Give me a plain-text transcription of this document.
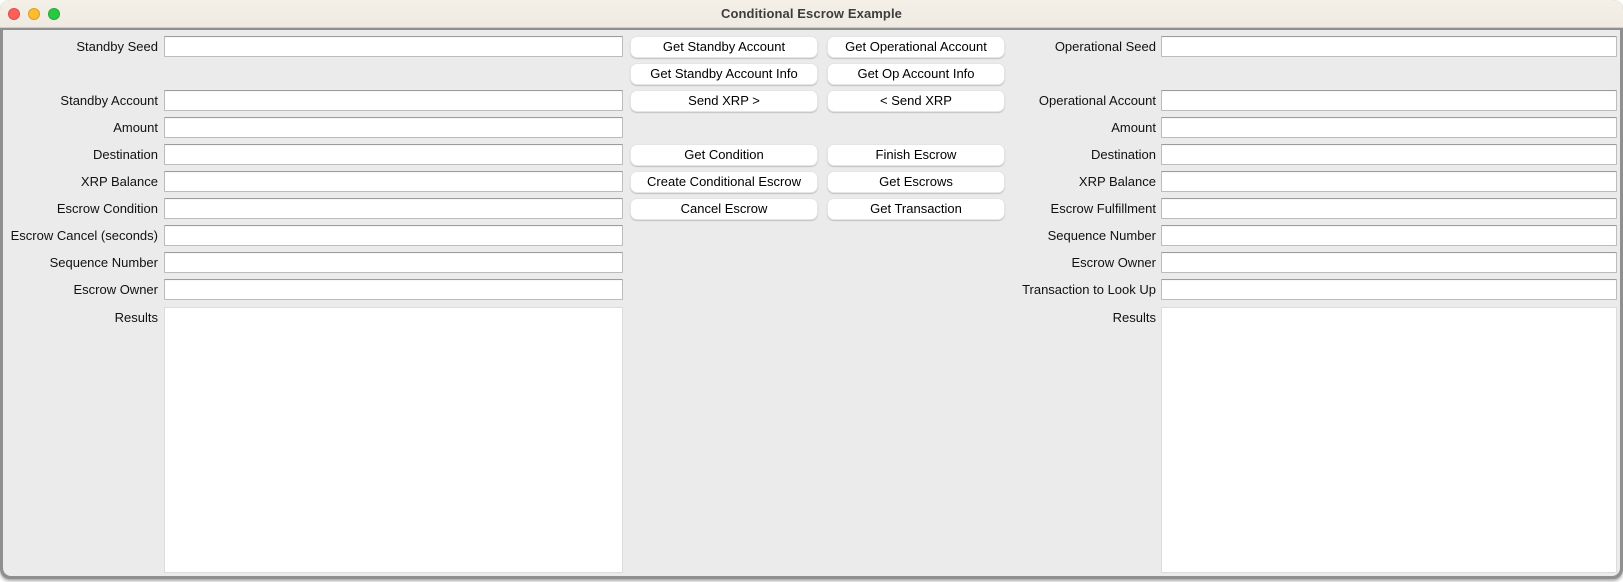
Conditional Escrow Example
Standby Seed
Standby Account
Amount
Destination
XRP Balance
Escrow Condition
Escrow Cancel (seconds)
Sequence Number
Escrow Owner
Results
Get Standby Account
Get Standby Account Info
Send XRP >
Get Condition
Create Conditional Escrow
Cancel Escrow
Get Operational Account
Get Op Account Info
< Send XRP
Finish Escrow
Get Escrows
Get Transaction
Operational Seed
Operational Account
Amount
Destination
XRP Balance
Escrow Fulfillment
Sequence Number
Escrow Owner
Transaction to Look Up
Results
